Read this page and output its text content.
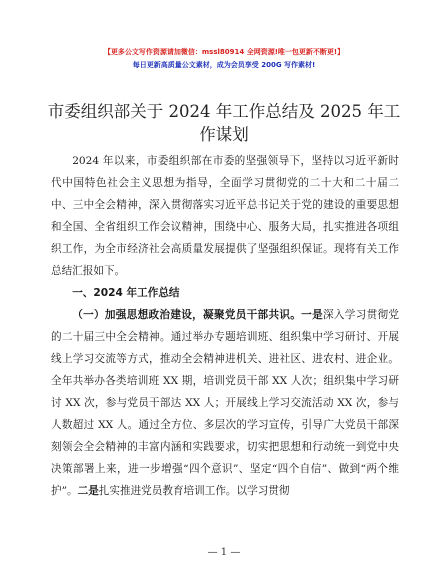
【更多公文写作资源请加微信：mssl80914 全网资源!唯一包更新不断更!】
每日更新高质量公文素材，成为会员享受 200G 写作素材!
市委组织部关于 2024 年工作总结及 2025 年工作谋划

2024 年以来，市委组织部在市委的坚强领导下，坚持以习近平新时代中国特色社会主义思想为指导，全面学习贯彻党的二十大和二十届二中、三中全会精神，深入贯彻落实习近平总书记关于党的建设的重要思想和全国、全省组织工作会议精神，围绕中心、服务大局，扎实推进各项组织工作，为全市经济社会高质量发展提供了坚强组织保证。现将有关工作总结汇报如下。

一、2024 年工作总结

（一）加强思想政治建设，凝聚党员干部共识。一是深入学习贯彻党的二十届三中全会精神。通过举办专题培训班、组织集中学习研讨、开展线上学习交流等方式，推动全会精神进机关、进社区、进农村、进企业。全年共举办各类培训班 XX 期，培训党员干部 XX 人次；组织集中学习研讨 XX 次，参与党员干部达 XX 人；开展线上学习交流活动 XX 次，参与人数超过 XX 人。通过全方位、多层次的学习宣传，引导广大党员干部深刻领会全会精神的丰富内涵和实践要求，切实把思想和行动统一到党中央决策部署上来，进一步增强“四个意识”、坚定“四个自信”、做到“两个维护”。二是扎实推进党员教育培训工作。以学习贯彻

— 1 —
